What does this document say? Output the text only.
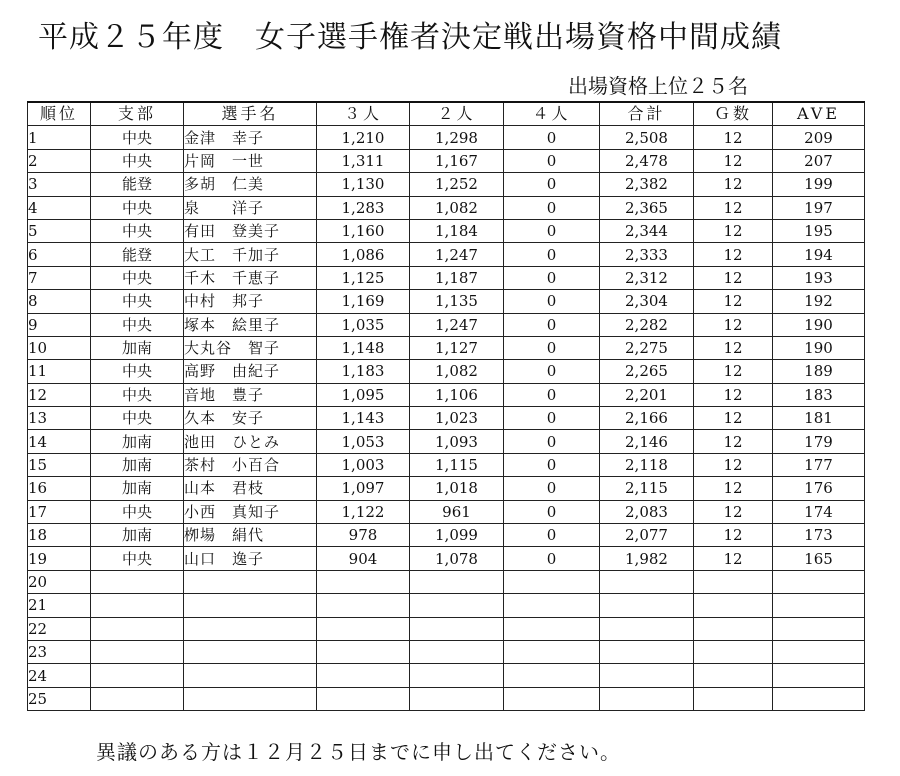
平成２５年度　女子選手権者決定戦出場資格中間成績
出場資格上位２５名
順位	支部	選手名	３人	２人	４人	合計	Ｇ数	AVE
1	中央	金津　幸子	1,210	1,298	0	2,508	12	209
2	中央	片岡　一世	1,311	1,167	0	2,478	12	207
3	能登	多胡　仁美	1,130	1,252	0	2,382	12	199
4	中央	泉　　洋子	1,283	1,082	0	2,365	12	197
5	中央	有田　登美子	1,160	1,184	0	2,344	12	195
6	能登	大工　千加子	1,086	1,247	0	2,333	12	194
7	中央	千木　千恵子	1,125	1,187	0	2,312	12	193
8	中央	中村　邦子	1,169	1,135	0	2,304	12	192
9	中央	塚本　絵里子	1,035	1,247	0	2,282	12	190
10	加南	大丸谷　智子	1,148	1,127	0	2,275	12	190
11	中央	高野　由紀子	1,183	1,082	0	2,265	12	189
12	中央	音地　豊子	1,095	1,106	0	2,201	12	183
13	中央	久本　安子	1,143	1,023	0	2,166	12	181
14	加南	池田　ひとみ	1,053	1,093	0	2,146	12	179
15	加南	茶村　小百合	1,003	1,115	0	2,118	12	177
16	加南	山本　君枝	1,097	1,018	0	2,115	12	176
17	中央	小西　真知子	1,122	961	0	2,083	12	174
18	加南	栁場　絹代	978	1,099	0	2,077	12	173
19	中央	山口　逸子	904	1,078	0	1,982	12	165
20								
21								
22								
23								
24								
25								
異議のある方は１２月２５日までに申し出てください。
